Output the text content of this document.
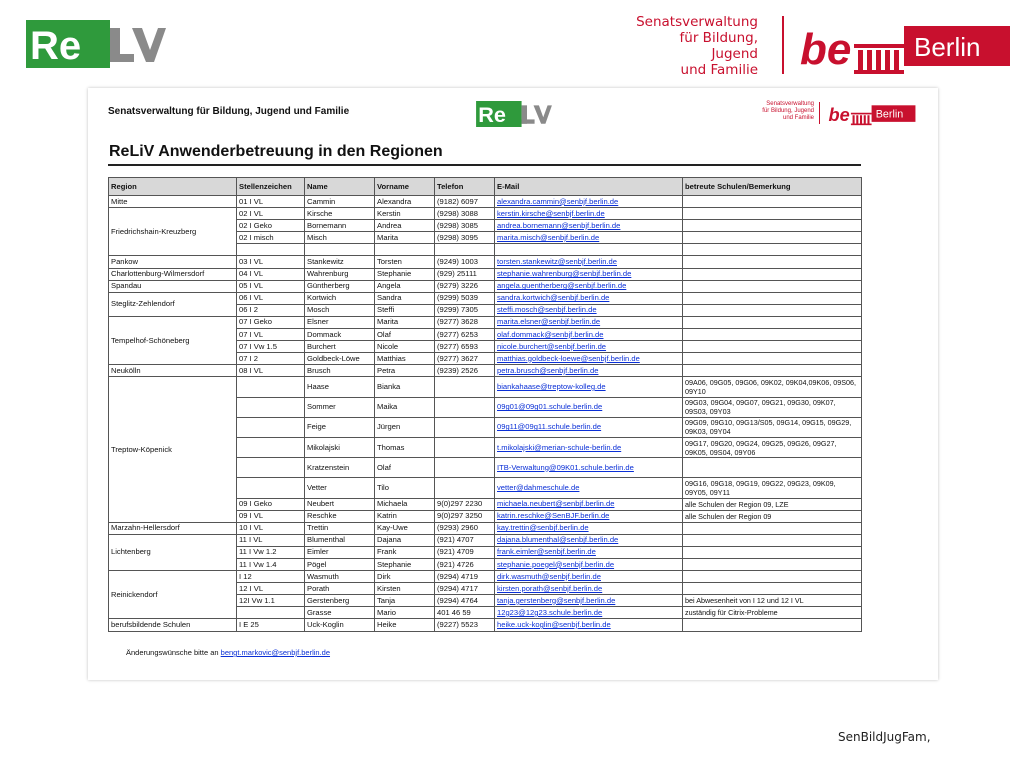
Re
Senatsverwaltung
für Bildung, Jugend
und Familie be Berlin
Senatsverwaltung für Bildung, Jugend und Familie	Re	Senatsverwaltung
für Bildung, Jugend
und Familie be Berlin
ReLiV Anwenderbetreuung in den Regionen
Region	Stellenzeichen	Name	Vorname	Telefon	E-Mail	betreute Schulen/Bemerkung
Mitte	01 I VL	Cammin	Alexandra	(9182) 6097	alexandra.cammin@senbjf.berlin.de	
Friedrichshain-Kreuzberg	02 I VL	Kirsche	Kerstin	(9298) 3088	kerstin.kirsche@senbjf.berlin.de	
	02 I Geko	Bornemann	Andrea	(9298) 3085	andrea.bornemann@senbjf.berlin.de	
	02 I misch	Misch	Marita	(9298) 3095	marita.misch@senbjf.berlin.de	

Pankow	03 I VL	Stankewitz	Torsten	(9249) 1003	torsten.stankewitz@senbjf.berlin.de	
Charlottenburg-Wilmersdorf	04 I VL	Wahrenburg	Stephanie	(929) 25111	stephanie.wahrenburg@senbjf.berlin.de	
Spandau	05 I VL	Güntherberg	Angela	(9279) 3226	angela.guentherberg@senbjf.berlin.de	
Steglitz-Zehlendorf	06 I VL	Kortwich	Sandra	(9299) 5039	sandra.kortwich@senbjf.berlin.de	
	06 I 2	Mosch	Steffi	(9299) 7305	steffi.mosch@senbjf.berlin.de	
Tempelhof-Schöneberg	07 I Geko	Elsner	Marita	(9277) 3628	marita.elsner@senbjf.berlin.de	
	07 I VL	Dommack	Olaf	(9277) 6253	olaf.dommack@senbjf.berlin.de	
	07 I Vw 1.5	Burchert	Nicole	(9277) 6593	nicole.burchert@senbjf.berlin.de	
	07 I 2	Goldbeck-Löwe	Matthias	(9277) 3627	matthias.goldbeck-loewe@senbjf.berlin.de	
Neukölln	08 I VL	Brusch	Petra	(9239) 2526	petra.brusch@senbjf.berlin.de	
Treptow-Köpenick		Haase	Bianka		biankahaase@treptow-kolleg.de	09A06, 09G05, 09G06, 09K02, 09K04,09K06, 09S06, 09Y10
		Sommer	Maika		09g01@09g01.schule.berlin.de	09G03, 09G04, 09G07, 09G21, 09G30, 09K07, 09S03, 09Y03
		Feige	Jürgen		09g11@09g11.schule.berlin.de	09G09, 09G10, 09G13/S05, 09G14, 09G15, 09G29, 09K03, 09Y04
		Mikolajski	Thomas		t.mikolajski@merian-schule-berlin.de	09G17, 09G20, 09G24, 09G25, 09G26, 09G27, 09K05, 09S04, 09Y06
		Kratzenstein	Olaf		ITB-Verwaltung@09K01.schule.berlin.de	
		Vetter	Tilo		vetter@dahmeschule.de	09G16, 09G18, 09G19, 09G22, 09G23, 09K09, 09Y05, 09Y11
	09 I Geko	Neubert	Michaela	9(0)297 2230	michaela.neubert@senbjf.berlin.de	alle Schulen der Region 09, LZE
	09 I VL	Reschke	Katrin	9(0)297 3250	katrin.reschke@SenBJF.berlin.de	alle Schulen der Region 09
Marzahn-Hellersdorf	10 I VL	Trettin	Kay-Uwe	(9293) 2960	kay.trettin@senbjf.berlin.de	
Lichtenberg	11 I VL	Blumenthal	Dajana	(921) 4707	dajana.blumenthal@senbjf.berlin.de	
	11 I Vw 1.2	Eimler	Frank	(921) 4709	frank.eimler@senbjf.berlin.de	
	11 I Vw 1.4	Pögel	Stephanie	(921) 4726	stephanie.poegel@senbjf.berlin.de	
Reinickendorf	I 12	Wasmuth	Dirk	(9294) 4719	dirk.wasmuth@senbjf.berlin.de	
	12 I VL	Porath	Kirsten	(9294) 4717	kirsten.porath@senbjf.berlin.de	
	12I Vw 1.1	Gerstenberg	Tanja	(9294) 4764	tanja.gerstenberg@senbjf.berlin.de	bei Abwesenheit von I 12 und 12 I VL
		Grasse	Mario	401 46 59	12g23@12g23.schule.berlin.de	zuständig für Citrix-Probleme
berufsbildende Schulen	I E 25	Uck-Koglin	Heike	(9227) 5523	heike.uck-koglin@senbjf.berlin.de	
Änderungswünsche bitte an bengt.markovic@senbjf.berlin.de
SenBildJugFam,
